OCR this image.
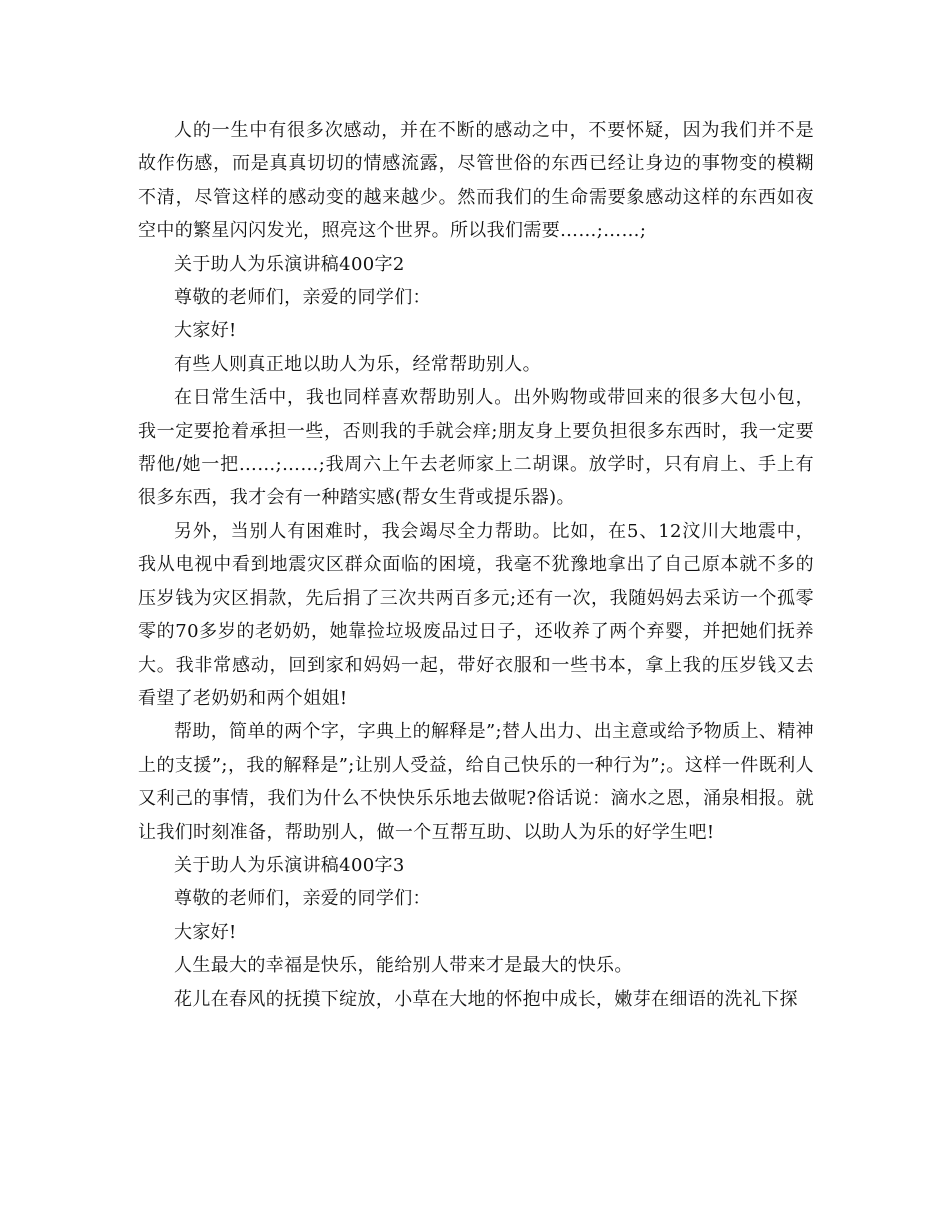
人的一生中有很多次感动，并在不断的感动之中，不要怀疑，因为我们并不是故作伤感，而是真真切切的情感流露，尽管世俗的东西已经让身边的事物变的模糊不清，尽管这样的感动变的越来越少。然而我们的生命需要象感动这样的东西如夜空中的繁星闪闪发光，照亮这个世界。所以我们需要……;……;

关于助人为乐演讲稿400字2

尊敬的老师们，亲爱的同学们：

大家好!

有些人则真正地以助人为乐，经常帮助别人。

在日常生活中，我也同样喜欢帮助别人。出外购物或带回来的很多大包小包，我一定要抢着承担一些，否则我的手就会痒;朋友身上要负担很多东西时，我一定要帮他/她一把……;……;我周六上午去老师家上二胡课。放学时，只有肩上、手上有很多东西，我才会有一种踏实感(帮女生背或提乐器)。

另外，当别人有困难时，我会竭尽全力帮助。比如，在5、12汶川大地震中，我从电视中看到地震灾区群众面临的困境，我毫不犹豫地拿出了自己原本就不多的压岁钱为灾区捐款，先后捐了三次共两百多元;还有一次，我随妈妈去采访一个孤零零的70多岁的老奶奶，她靠捡垃圾废品过日子，还收养了两个弃婴，并把她们抚养大。我非常感动，回到家和妈妈一起，带好衣服和一些书本，拿上我的压岁钱又去看望了老奶奶和两个姐姐!

帮助，简单的两个字，字典上的解释是”;替人出力、出主意或给予物质上、精神上的支援”;，我的解释是”;让别人受益，给自己快乐的一种行为”;。这样一件既利人又利己的事情，我们为什么不快快乐乐地去做呢?俗话说：滴水之恩，涌泉相报。就让我们时刻准备，帮助别人，做一个互帮互助、以助人为乐的好学生吧!

关于助人为乐演讲稿400字3

尊敬的老师们，亲爱的同学们：

大家好!

人生最大的幸福是快乐，能给别人带来才是最大的快乐。

花儿在春风的抚摸下绽放，小草在大地的怀抱中成长，嫩芽在细语的洗礼下探
